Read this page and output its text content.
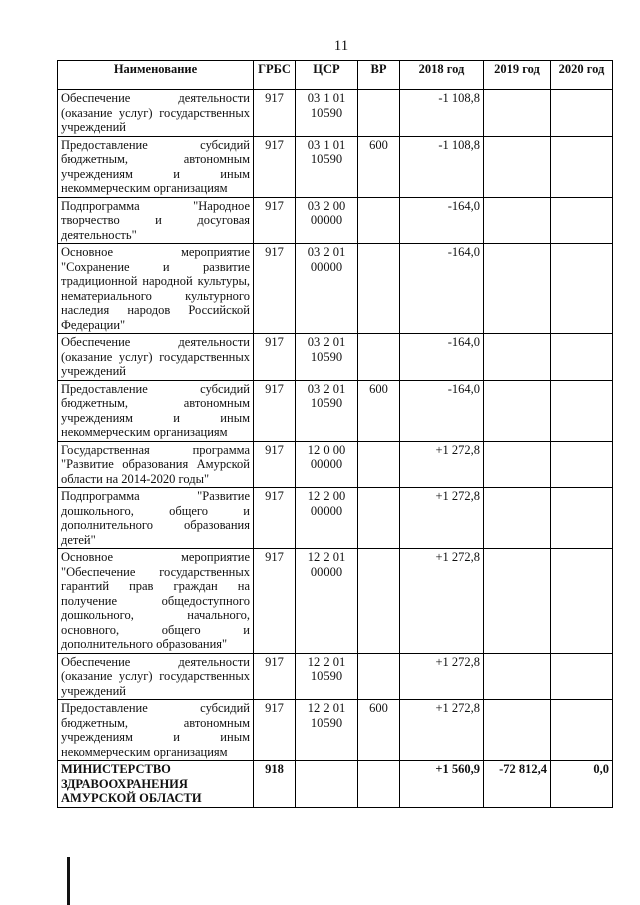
11
Наименование	ГРБС	ЦСР	ВР	2018 год	2019 год	2020 год
Обеспечение деятельности (оказание услуг) государственных учреждений	917	03 1 01 10590		-1 108,8		
Предоставление субсидий бюджетным, автономным учреждениям и иным некоммерческим организациям	917	03 1 01 10590	600	-1 108,8		
Подпрограмма "Народное творчество и досуговая деятельность"	917	03 2 00 00000		-164,0		
Основное мероприятие "Сохранение и развитие традиционной народной культуры, нематериального культурного наследия народов Российской Федерации"	917	03 2 01 00000		-164,0		
Обеспечение деятельности (оказание услуг) государственных учреждений	917	03 2 01 10590		-164,0		
Предоставление субсидий бюджетным, автономным учреждениям и иным некоммерческим организациям	917	03 2 01 10590	600	-164,0		
Государственная программа "Развитие образования Амурской области на 2014-2020 годы"	917	12 0 00 00000		+1 272,8		
Подпрограмма "Развитие дошкольного, общего и дополнительного образования детей"	917	12 2 00 00000		+1 272,8		
Основное мероприятие "Обеспечение государственных гарантий прав граждан на получение общедоступного дошкольного, начального, основного, общего и дополнительного образования"	917	12 2 01 00000		+1 272,8		
Обеспечение деятельности (оказание услуг) государственных учреждений	917	12 2 01 10590		+1 272,8		
Предоставление субсидий бюджетным, автономным учреждениям и иным некоммерческим организациям	917	12 2 01 10590	600	+1 272,8		
МИНИСТЕРСТВО ЗДРАВООХРАНЕНИЯ АМУРСКОЙ ОБЛАСТИ	918			+1 560,9	-72 812,4	0,0
